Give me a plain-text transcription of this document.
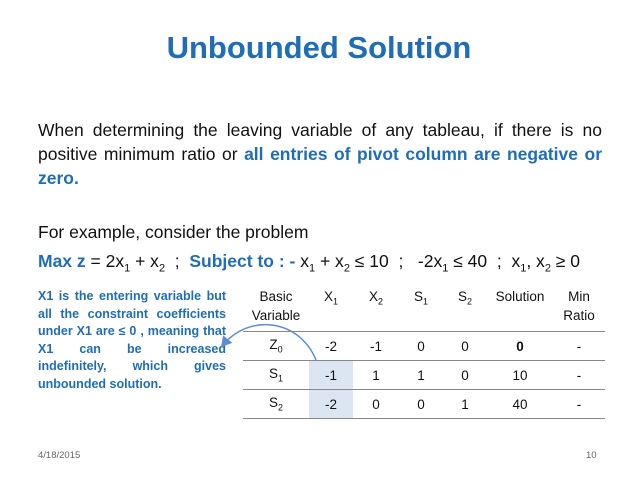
Unbounded Solution
When determining the leaving variable of any tableau, if there is no positive minimum ratio or all entries of pivot column are negative or zero.
For example, consider the problem
Max $z = 2x_1 + x_2$  ;  Subject to : - $x_1 + x_2 \le 10$  ;   $-2x_1 \le 40$  ;  $x_1$, $x_2 \ge 0$
X1 is the entering variable but all the constraint coefficients under X1 are ≤ 0 , meaning that X1 can be increased indefinitely, which gives unbounded solution.
Basic
Variable	$X_1$	$X_2$	$S_1$	$S_2$	Solution	Min
Ratio
$Z_0$	-2	-1	0	0	0	-
$S_1$	-1	1	1	0	10	-
$S_2$	-2	0	0	1	40	-
4/18/2015	10
